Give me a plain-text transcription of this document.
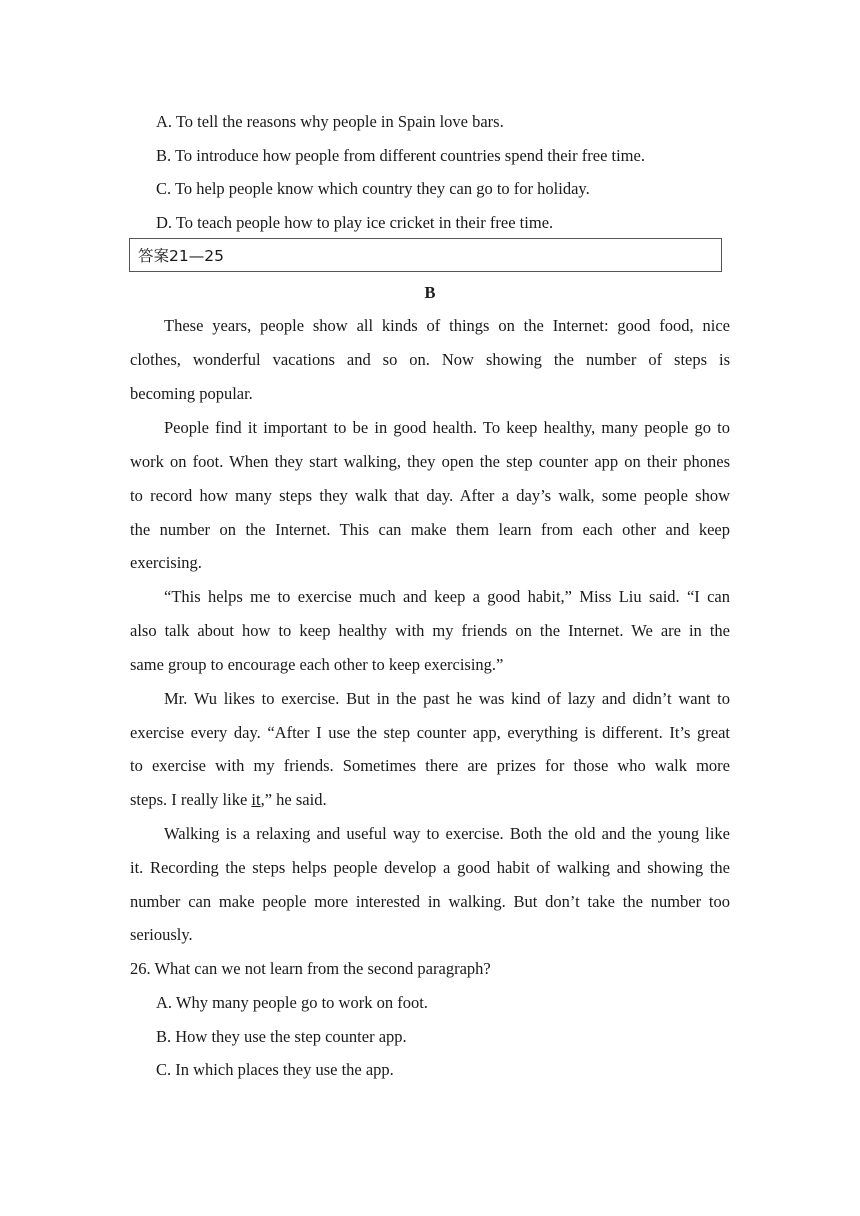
A. To tell the reasons why people in Spain love bars.
B. To introduce how people from different countries spend their free time.
C. To help people know which country they can go to for holiday.
D. To teach people how to play ice cricket in their free time.
答案21—25
B
These years, people show all kinds of things on the Internet: good food, nice
clothes, wonderful vacations and so on. Now showing the number of steps is
becoming popular.
People find it important to be in good health. To keep healthy, many people go to
work on foot. When they start walking, they open the step counter app on their phones
to record how many steps they walk that day. After a day’s walk, some people show
the number on the Internet. This can make them learn from each other and keep
exercising.
“This helps me to exercise much and keep a good habit,” Miss Liu said. “I can
also talk about how to keep healthy with my friends on the Internet. We are in the
same group to encourage each other to keep exercising.”
Mr. Wu likes to exercise. But in the past he was kind of lazy and didn’t want to
exercise every day. “After I use the step counter app, everything is different. It’s great
to exercise with my friends. Sometimes there are prizes for those who walk more
steps. I really like it,” he said.
Walking is a relaxing and useful way to exercise. Both the old and the young like
it. Recording the steps helps people develop a good habit of walking and showing the
number can make people more interested in walking. But don’t take the number too
seriously.
26. What can we not learn from the second paragraph?
A. Why many people go to work on foot.
B. How they use the step counter app.
C. In which places they use the app.
